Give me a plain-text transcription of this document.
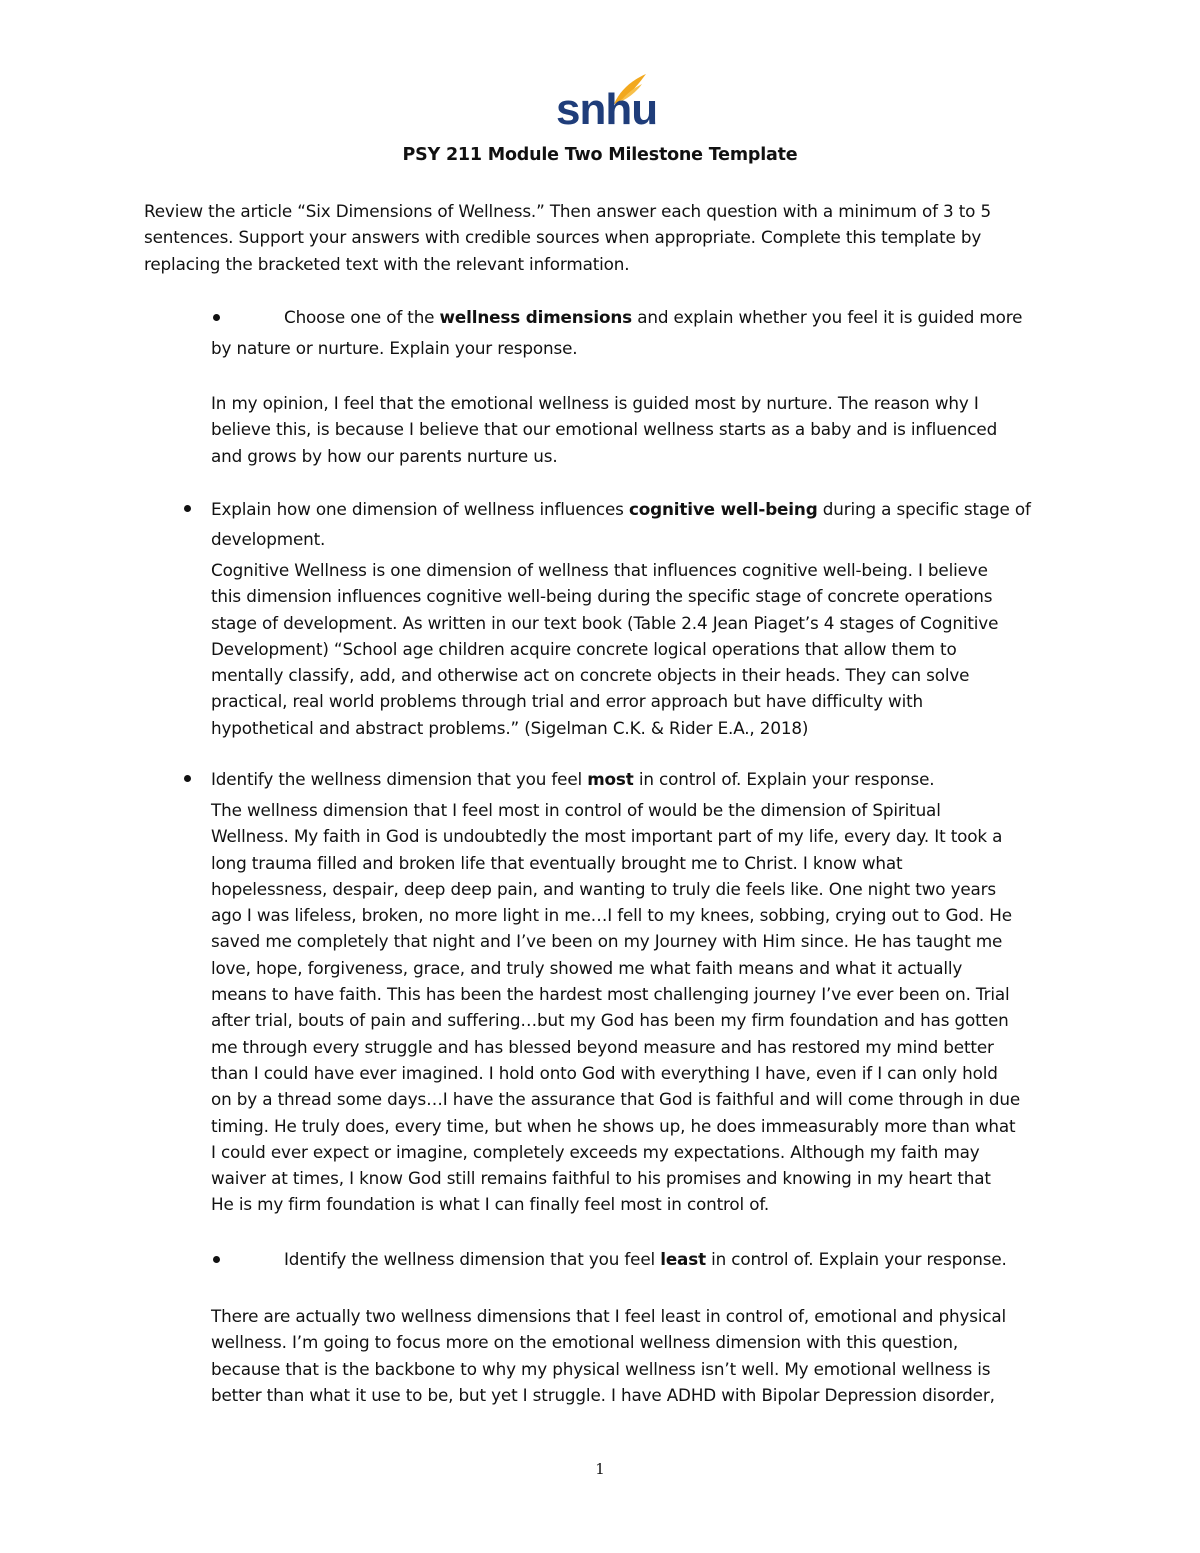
snhu
PSY 211 Module Two Milestone Template
Review the article “Six Dimensions of Wellness.” Then answer each question with a minimum of 3 to 5
sentences. Support your answers with credible sources when appropriate. Complete this template by
replacing the bracketed text with the relevant information.
Choose one of the wellness dimensions and explain whether you feel it is guided more
by nature or nurture. Explain your response.
In my opinion, I feel that the emotional wellness is guided most by nurture. The reason why I
believe this, is because I believe that our emotional wellness starts as a baby and is influenced
and grows by how our parents nurture us.
Explain how one dimension of wellness influences cognitive well-being during a specific stage of
development.
Cognitive Wellness is one dimension of wellness that influences cognitive well-being. I believe
this dimension influences cognitive well-being during the specific stage of concrete operations
stage of development. As written in our text book (Table 2.4 Jean Piaget’s 4 stages of Cognitive
Development) “School age children acquire concrete logical operations that allow them to
mentally classify, add, and otherwise act on concrete objects in their heads. They can solve
practical, real world problems through trial and error approach but have difficulty with
hypothetical and abstract problems.” (Sigelman C.K. & Rider E.A., 2018)
Identify the wellness dimension that you feel most in control of. Explain your response.
The wellness dimension that I feel most in control of would be the dimension of Spiritual
Wellness. My faith in God is undoubtedly the most important part of my life, every day. It took a
long trauma filled and broken life that eventually brought me to Christ. I know what
hopelessness, despair, deep deep pain, and wanting to truly die feels like. One night two years
ago I was lifeless, broken, no more light in me…I fell to my knees, sobbing, crying out to God. He
saved me completely that night and I’ve been on my Journey with Him since. He has taught me
love, hope, forgiveness, grace, and truly showed me what faith means and what it actually
means to have faith. This has been the hardest most challenging journey I’ve ever been on. Trial
after trial, bouts of pain and suffering…but my God has been my firm foundation and has gotten
me through every struggle and has blessed beyond measure and has restored my mind better
than I could have ever imagined. I hold onto God with everything I have, even if I can only hold
on by a thread some days…I have the assurance that God is faithful and will come through in due
timing. He truly does, every time, but when he shows up, he does immeasurably more than what
I could ever expect or imagine, completely exceeds my expectations. Although my faith may
waiver at times, I know God still remains faithful to his promises and knowing in my heart that
He is my firm foundation is what I can finally feel most in control of.
Identify the wellness dimension that you feel least in control of. Explain your response.
There are actually two wellness dimensions that I feel least in control of, emotional and physical
wellness. I’m going to focus more on the emotional wellness dimension with this question,
because that is the backbone to why my physical wellness isn’t well. My emotional wellness is
better than what it use to be, but yet I struggle. I have ADHD with Bipolar Depression disorder,
1
